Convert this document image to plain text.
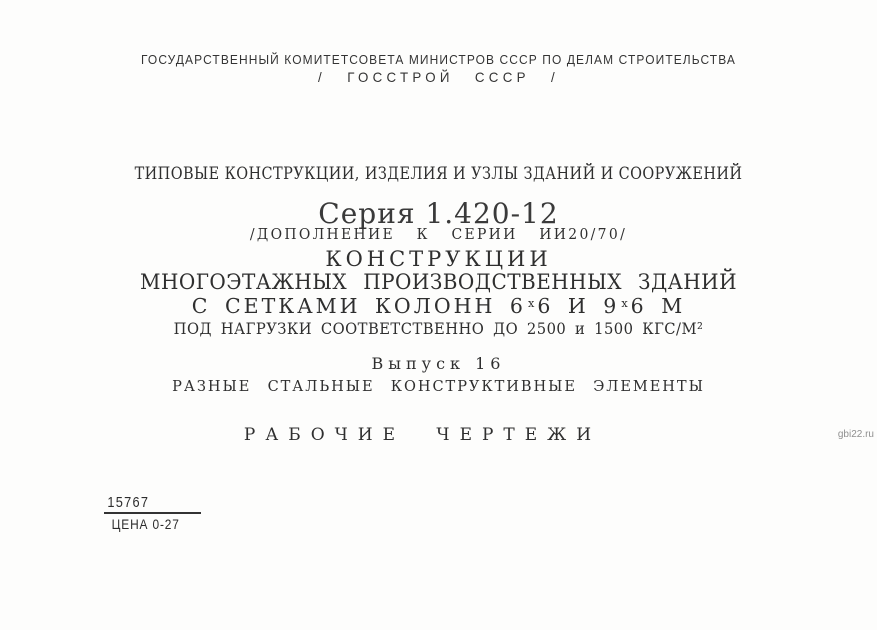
ГОСУДАРСТВЕННЫЙ КОМИТЕТСОВЕТА МИНИСТРОВ СССР ПО ДЕЛАМ СТРОИТЕЛЬСТВА
/ ГОССТРОЙ СССР /
ТИПОВЫЕ КОНСТРУКЦИИ, ИЗДЕЛИЯ И УЗЛЫ ЗДАНИЙ И СООРУЖЕНИЙ
Серия 1.420-12
/ДОПОЛНЕНИЕ К СЕРИИ ИИ20/70/
КОНСТРУКЦИИ
МНОГОЭТАЖНЫХ ПРОИЗВОДСТВЕННЫХ ЗДАНИЙ
С СЕТКАМИ КОЛОНН 6 $^x$6 И 9 $^x$6 М
ПОД НАГРУЗКИ СООТВЕТСТВЕННО ДО 2500 и 1500 КГС/М²
Выпуск 16
РАЗНЫЕ СТАЛЬНЫЕ КОНСТРУКТИВНЫЕ ЭЛЕМЕНТЫ
РАБОЧИЕ ЧЕРТЕЖИ
15767
ЦЕНА 0-27
gbi22.ru
